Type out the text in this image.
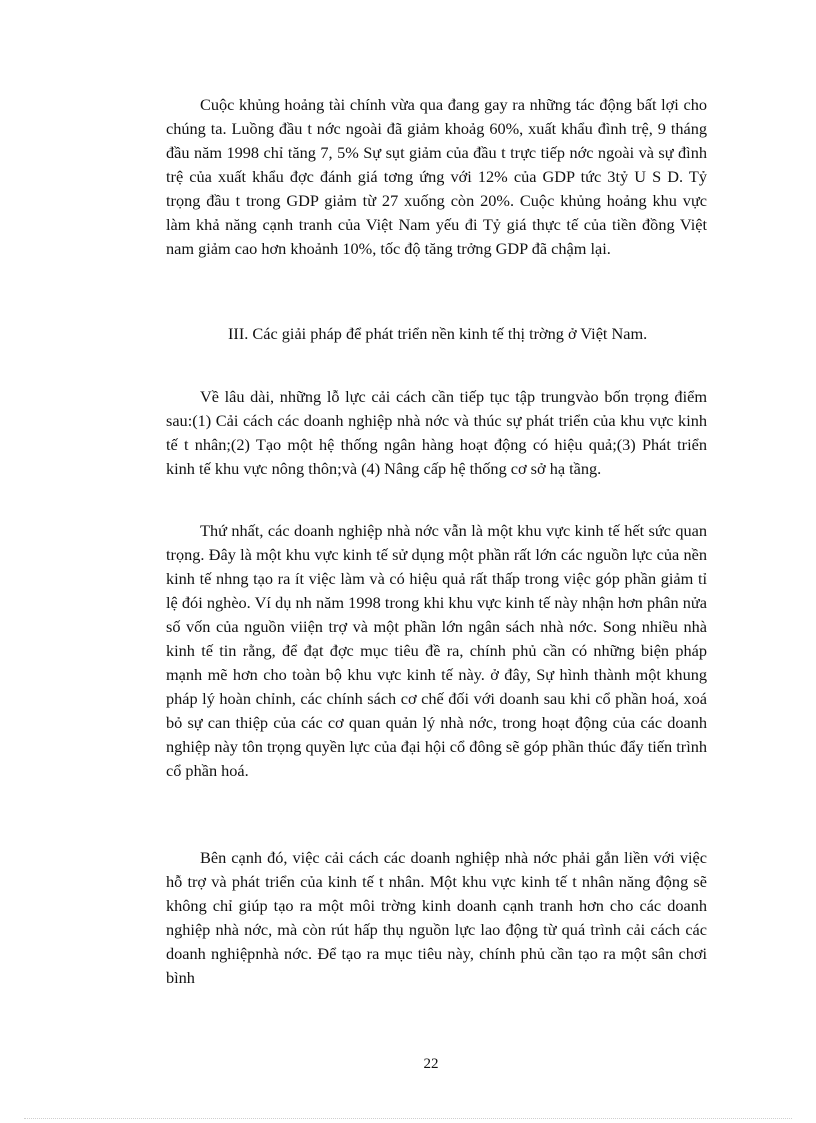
Cuộc khủng hoảng tài chính vừa qua đang gay ra những tác động bất lợi cho chúng ta. Luồng đầu t nớc ngoài đã giảm khoảg 60%, xuất khẩu đình trệ, 9 tháng đầu năm 1998 chỉ tăng 7, 5% Sự sụt giảm của đầu t trực tiếp nớc ngoài và sự đình trệ của xuất khẩu đợc đánh giá tơng ứng với 12% của GDP tức 3tỷ U S D. Tỷ trọng đầu t trong GDP giảm từ 27 xuống còn 20%. Cuộc khủng hoảng khu vực làm khả năng cạnh tranh của Việt Nam yếu đi Tỷ giá thực tế của tiền đồng Việt nam giảm cao hơn khoảnh 10%, tốc độ tăng trởng GDP đã chậm lại.

III. Các giải pháp để phát triển nền kinh tế thị trờng ở Việt Nam.

Về lâu dài, những lỗ lực cải cách cần tiếp tục tập trungvào bốn trọng điểm sau:(1) Cải cách các doanh nghiệp nhà nớc và thúc sự phát triển của khu vực kinh tế t nhân;(2) Tạo một hệ thống ngân hàng hoạt động có hiệu quả;(3) Phát triển kinh tế khu vực nông thôn;và (4) Nâng cấp hệ thống cơ sở hạ tầng.

Thứ nhất, các doanh nghiệp nhà nớc vẫn là một khu vực kinh tế hết sức quan trọng. Đây là một khu vực kinh tế sử dụng một phần rất lớn các nguồn lực của nền kinh tế nhng tạo ra ít việc làm và có hiệu quả rất thấp trong việc góp phần giảm tỉ lệ đói nghèo. Ví dụ nh năm 1998 trong khi khu vực kinh tế này nhận hơn phân nửa số vốn của nguồn viiện trợ và một phần lớn ngân sách nhà nớc. Song nhiều nhà kinh tế tin rằng, để đạt đợc mục tiêu đề ra, chính phủ cần có những biện pháp mạnh mẽ hơn cho toàn bộ khu vực kinh tế này. ở đây, Sự hình thành một khung pháp lý hoàn chỉnh, các chính sách cơ chế đối với doanh sau khi cổ phần hoá, xoá bỏ sự can thiệp của các cơ quan quản lý nhà nớc, trong hoạt động của các doanh nghiệp này tôn trọng quyền lực của đại hội cổ đông sẽ góp phần thúc đẩy tiến trình cổ phần hoá.

Bên cạnh đó, việc cải cách các doanh nghiệp nhà nớc phải gắn liền với việc hỗ trợ và phát triển của kinh tế t nhân. Một khu vực kinh tế t nhân năng động sẽ không chỉ giúp tạo ra một môi trờng kinh doanh cạnh tranh hơn cho các doanh nghiệp nhà nớc, mà còn rút hấp thụ nguồn lực lao động từ quá trình cải cách các doanh nghiệpnhà nớc. Để tạo ra mục tiêu này, chính phủ cần tạo ra một sân chơi bình

22
